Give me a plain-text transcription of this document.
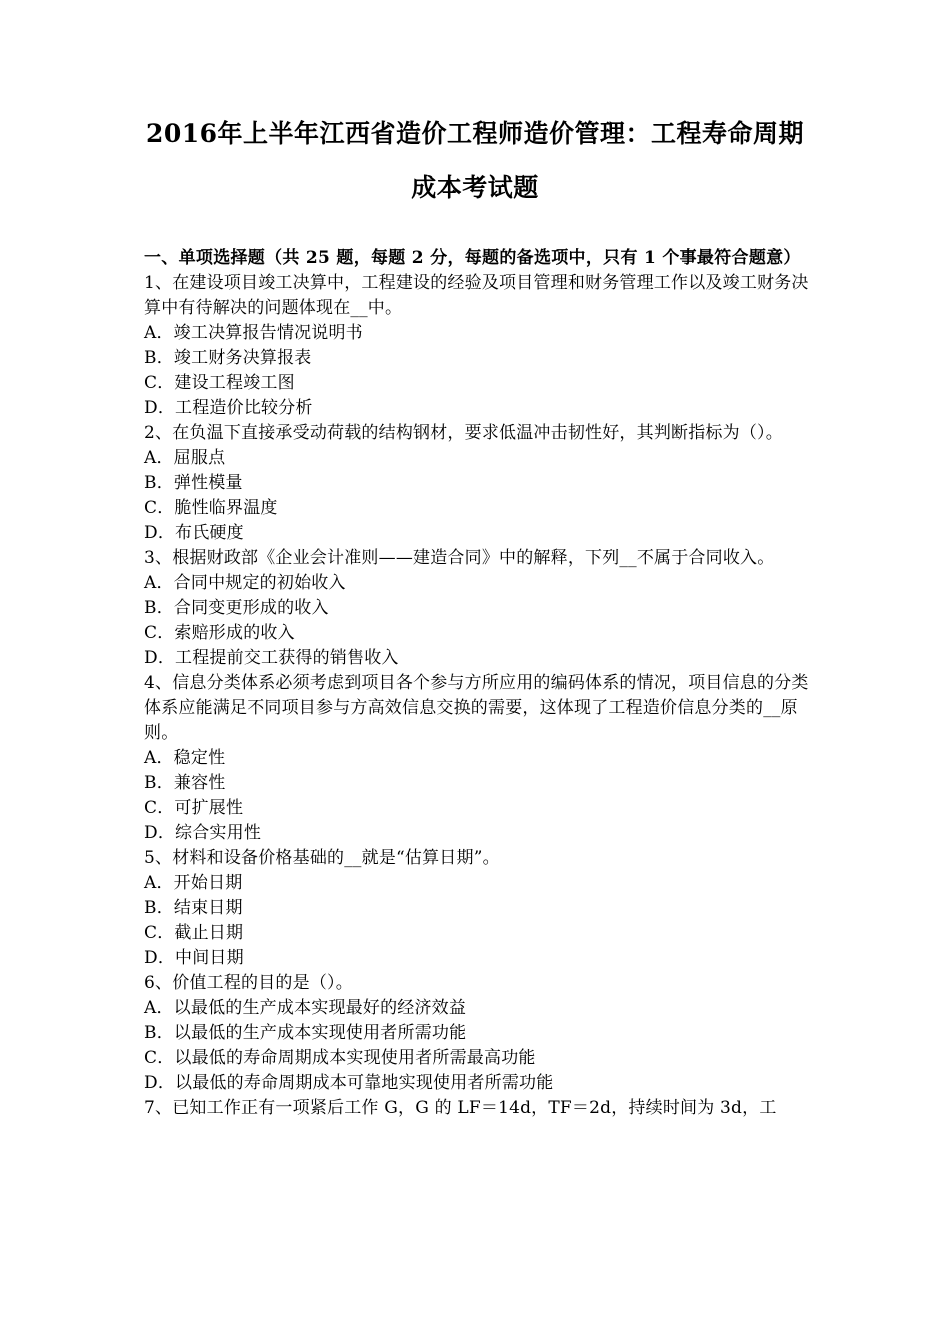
2016年上半年江西省造价工程师造价管理：工程寿命周期
成本考试题
一、单项选择题（共 25 题，每题 2 分，每题的备选项中，只有 1 个事最符合题意）
1、在建设项目竣工决算中，工程建设的经验及项目管理和财务管理工作以及竣工财务决算中有待解决的问题体现在__中。
A．竣工决算报告情况说明书
B．竣工财务决算报表
C．建设工程竣工图
D．工程造价比较分析
2、在负温下直接承受动荷载的结构钢材，要求低温冲击韧性好，其判断指标为（）。
A．屈服点
B．弹性模量
C．脆性临界温度
D．布氏硬度
3、根据财政部《企业会计准则——建造合同》中的解释，下列__不属于合同收入。
A．合同中规定的初始收入
B．合同变更形成的收入
C．索赔形成的收入
D．工程提前交工获得的销售收入
4、信息分类体系必须考虑到项目各个参与方所应用的编码体系的情况，项目信息的分类体系应能满足不同项目参与方高效信息交换的需要，这体现了工程造价信息分类的__原则。
A．稳定性
B．兼容性
C．可扩展性
D．综合实用性
5、材料和设备价格基础的__就是“估算日期”。
A．开始日期
B．结束日期
C．截止日期
D．中间日期
6、价值工程的目的是（）。
A．以最低的生产成本实现最好的经济效益
B．以最低的生产成本实现使用者所需功能
C．以最低的寿命周期成本实现使用者所需最高功能
D．以最低的寿命周期成本可靠地实现使用者所需功能
7、已知工作正有一项紧后工作 G，G 的 LF＝14d，TF＝2d，持续时间为 3d，工
